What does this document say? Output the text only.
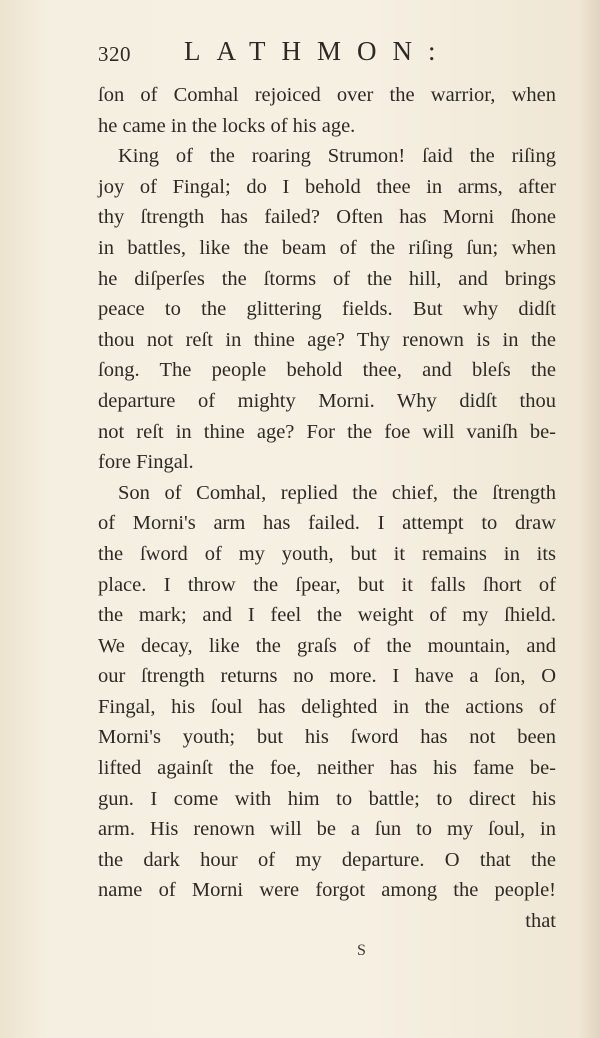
320 LATHMON:
ſon of Comhal rejoiced over the warrior, when
he came in the locks of his age.
King of the roaring Strumon! ſaid the riſing
joy of Fingal; do I behold thee in arms, after
thy ſtrength has failed? Often has Morni ſhone
in battles, like the beam of the riſing ſun; when
he diſperſes the ſtorms of the hill, and brings
peace to the glittering fields. But why didſt
thou not reſt in thine age? Thy renown is in the
ſong. The people behold thee, and bleſs the
departure of mighty Morni. Why didſt thou
not reſt in thine age? For the foe will vaniſh be-
fore Fingal.
Son of Comhal, replied the chief, the ſtrength
of Morni's arm has failed. I attempt to draw
the ſword of my youth, but it remains in its
place. I throw the ſpear, but it falls ſhort of
the mark; and I feel the weight of my ſhield.
We decay, like the graſs of the mountain, and
our ſtrength returns no more. I have a ſon, O
Fingal, his ſoul has delighted in the actions of
Morni's youth; but his ſword has not been
lifted againſt the foe, neither has his fame be-
gun. I come with him to battle; to direct his
arm. His renown will be a ſun to my ſoul, in
the dark hour of my departure. O that the
name of Morni were forgot among the people!
that
S
